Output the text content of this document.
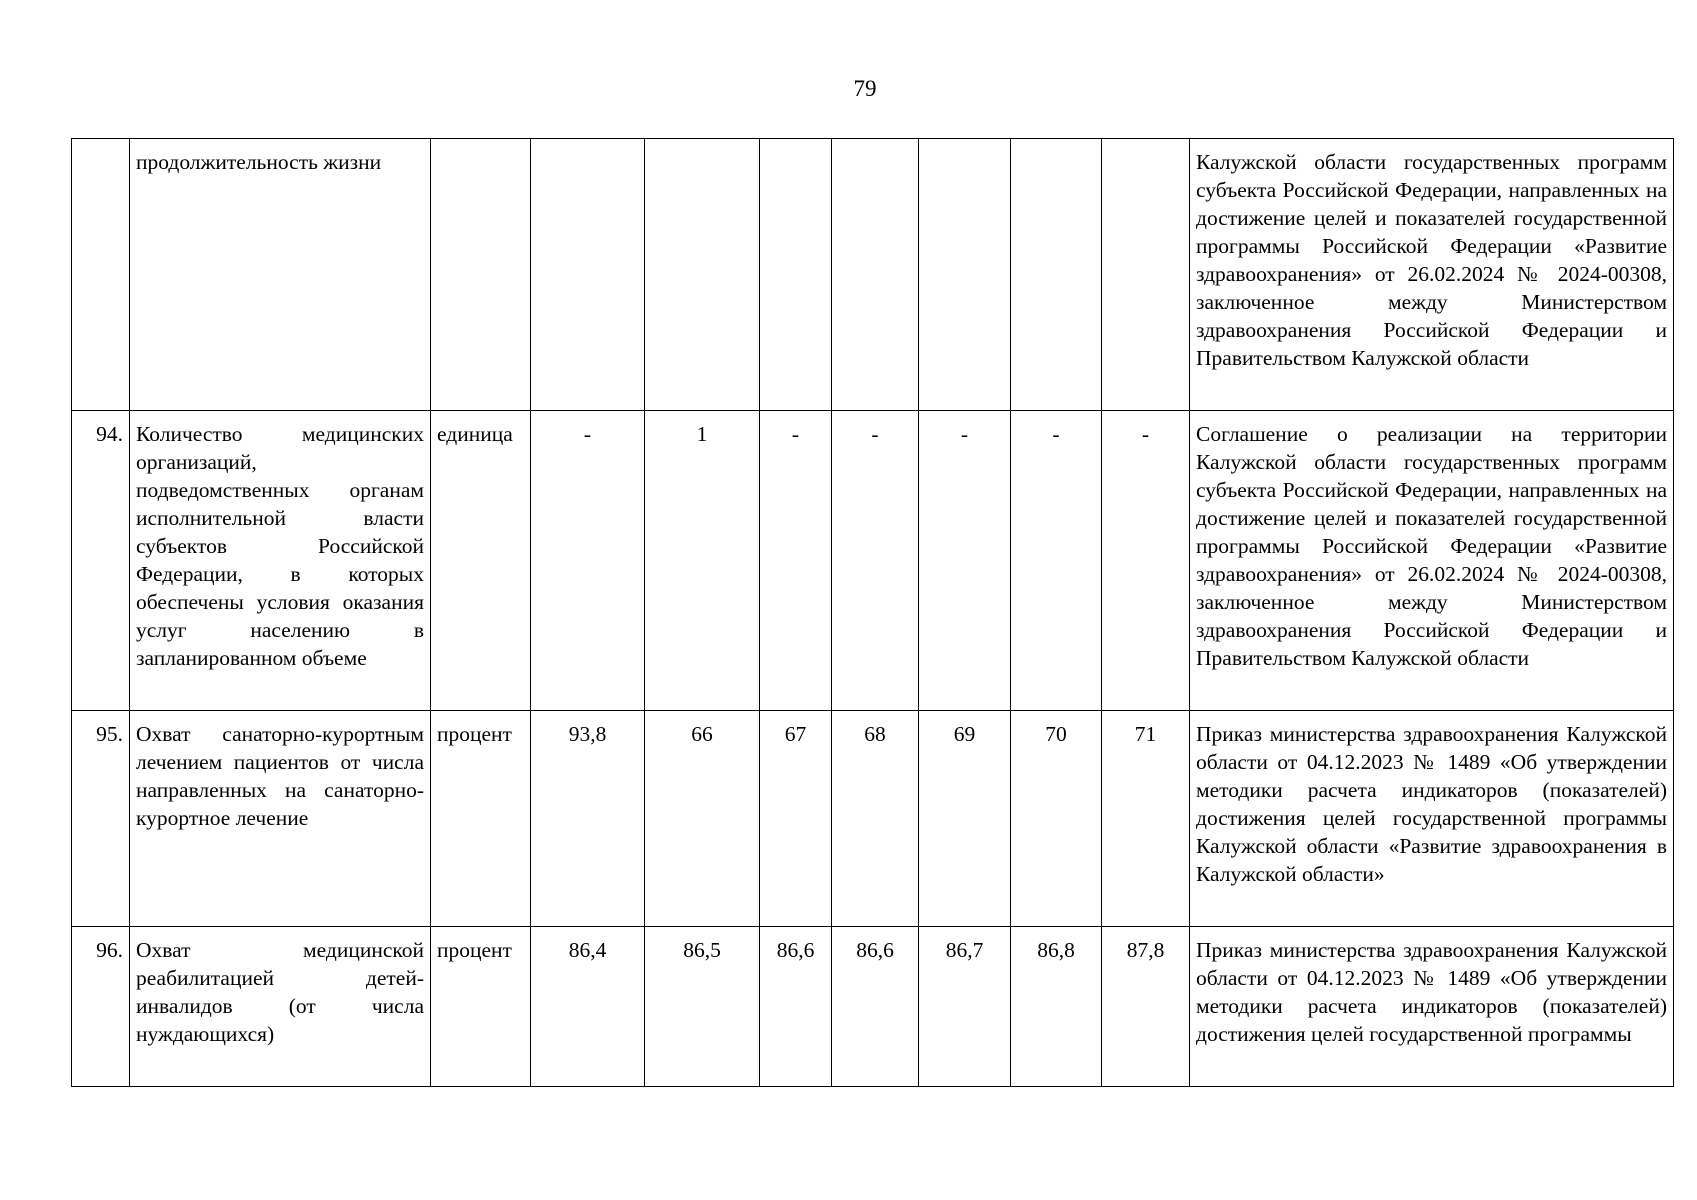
79
	продолжительность жизни									Калужской области государственных программ субъекта Российской Федерации, направленных на достижение целей и показателей государственной программы Российской Федерации «Развитие здравоохранения» от 26.02.2024 № 2024-00308, заключенное между Министерством здравоохранения Российской Федерации и Правительством Калужской области
94.	Количество медицинских организаций, подведомственных органам исполнительной власти субъектов Российской Федерации, в которых обеспечены условия оказания услуг населению в запланированном объеме	единица	-	1	-	-	-	-	-	Соглашение о реализации на территории Калужской области государственных программ субъекта Российской Федерации, направленных на достижение целей и показателей государственной программы Российской Федерации «Развитие здравоохранения» от 26.02.2024 № 2024-00308, заключенное между Министерством здравоохранения Российской Федерации и Правительством Калужской области
95.	Охват санаторно-курортным лечением пациентов от числа направленных на санаторно-курортное лечение	процент	93,8	66	67	68	69	70	71	Приказ министерства здравоохранения Калужской области от 04.12.2023 № 1489 «Об утверждении методики расчета индикаторов (показателей) достижения целей государственной программы Калужской области «Развитие здравоохранения в Калужской области»
96.	Охват медицинской реабилитацией детей-инвалидов (от числа нуждающихся)	процент	86,4	86,5	86,6	86,6	86,7	86,8	87,8	Приказ министерства здравоохранения Калужской области от 04.12.2023 № 1489 «Об утверждении методики расчета индикаторов (показателей) достижения целей государственной программы
